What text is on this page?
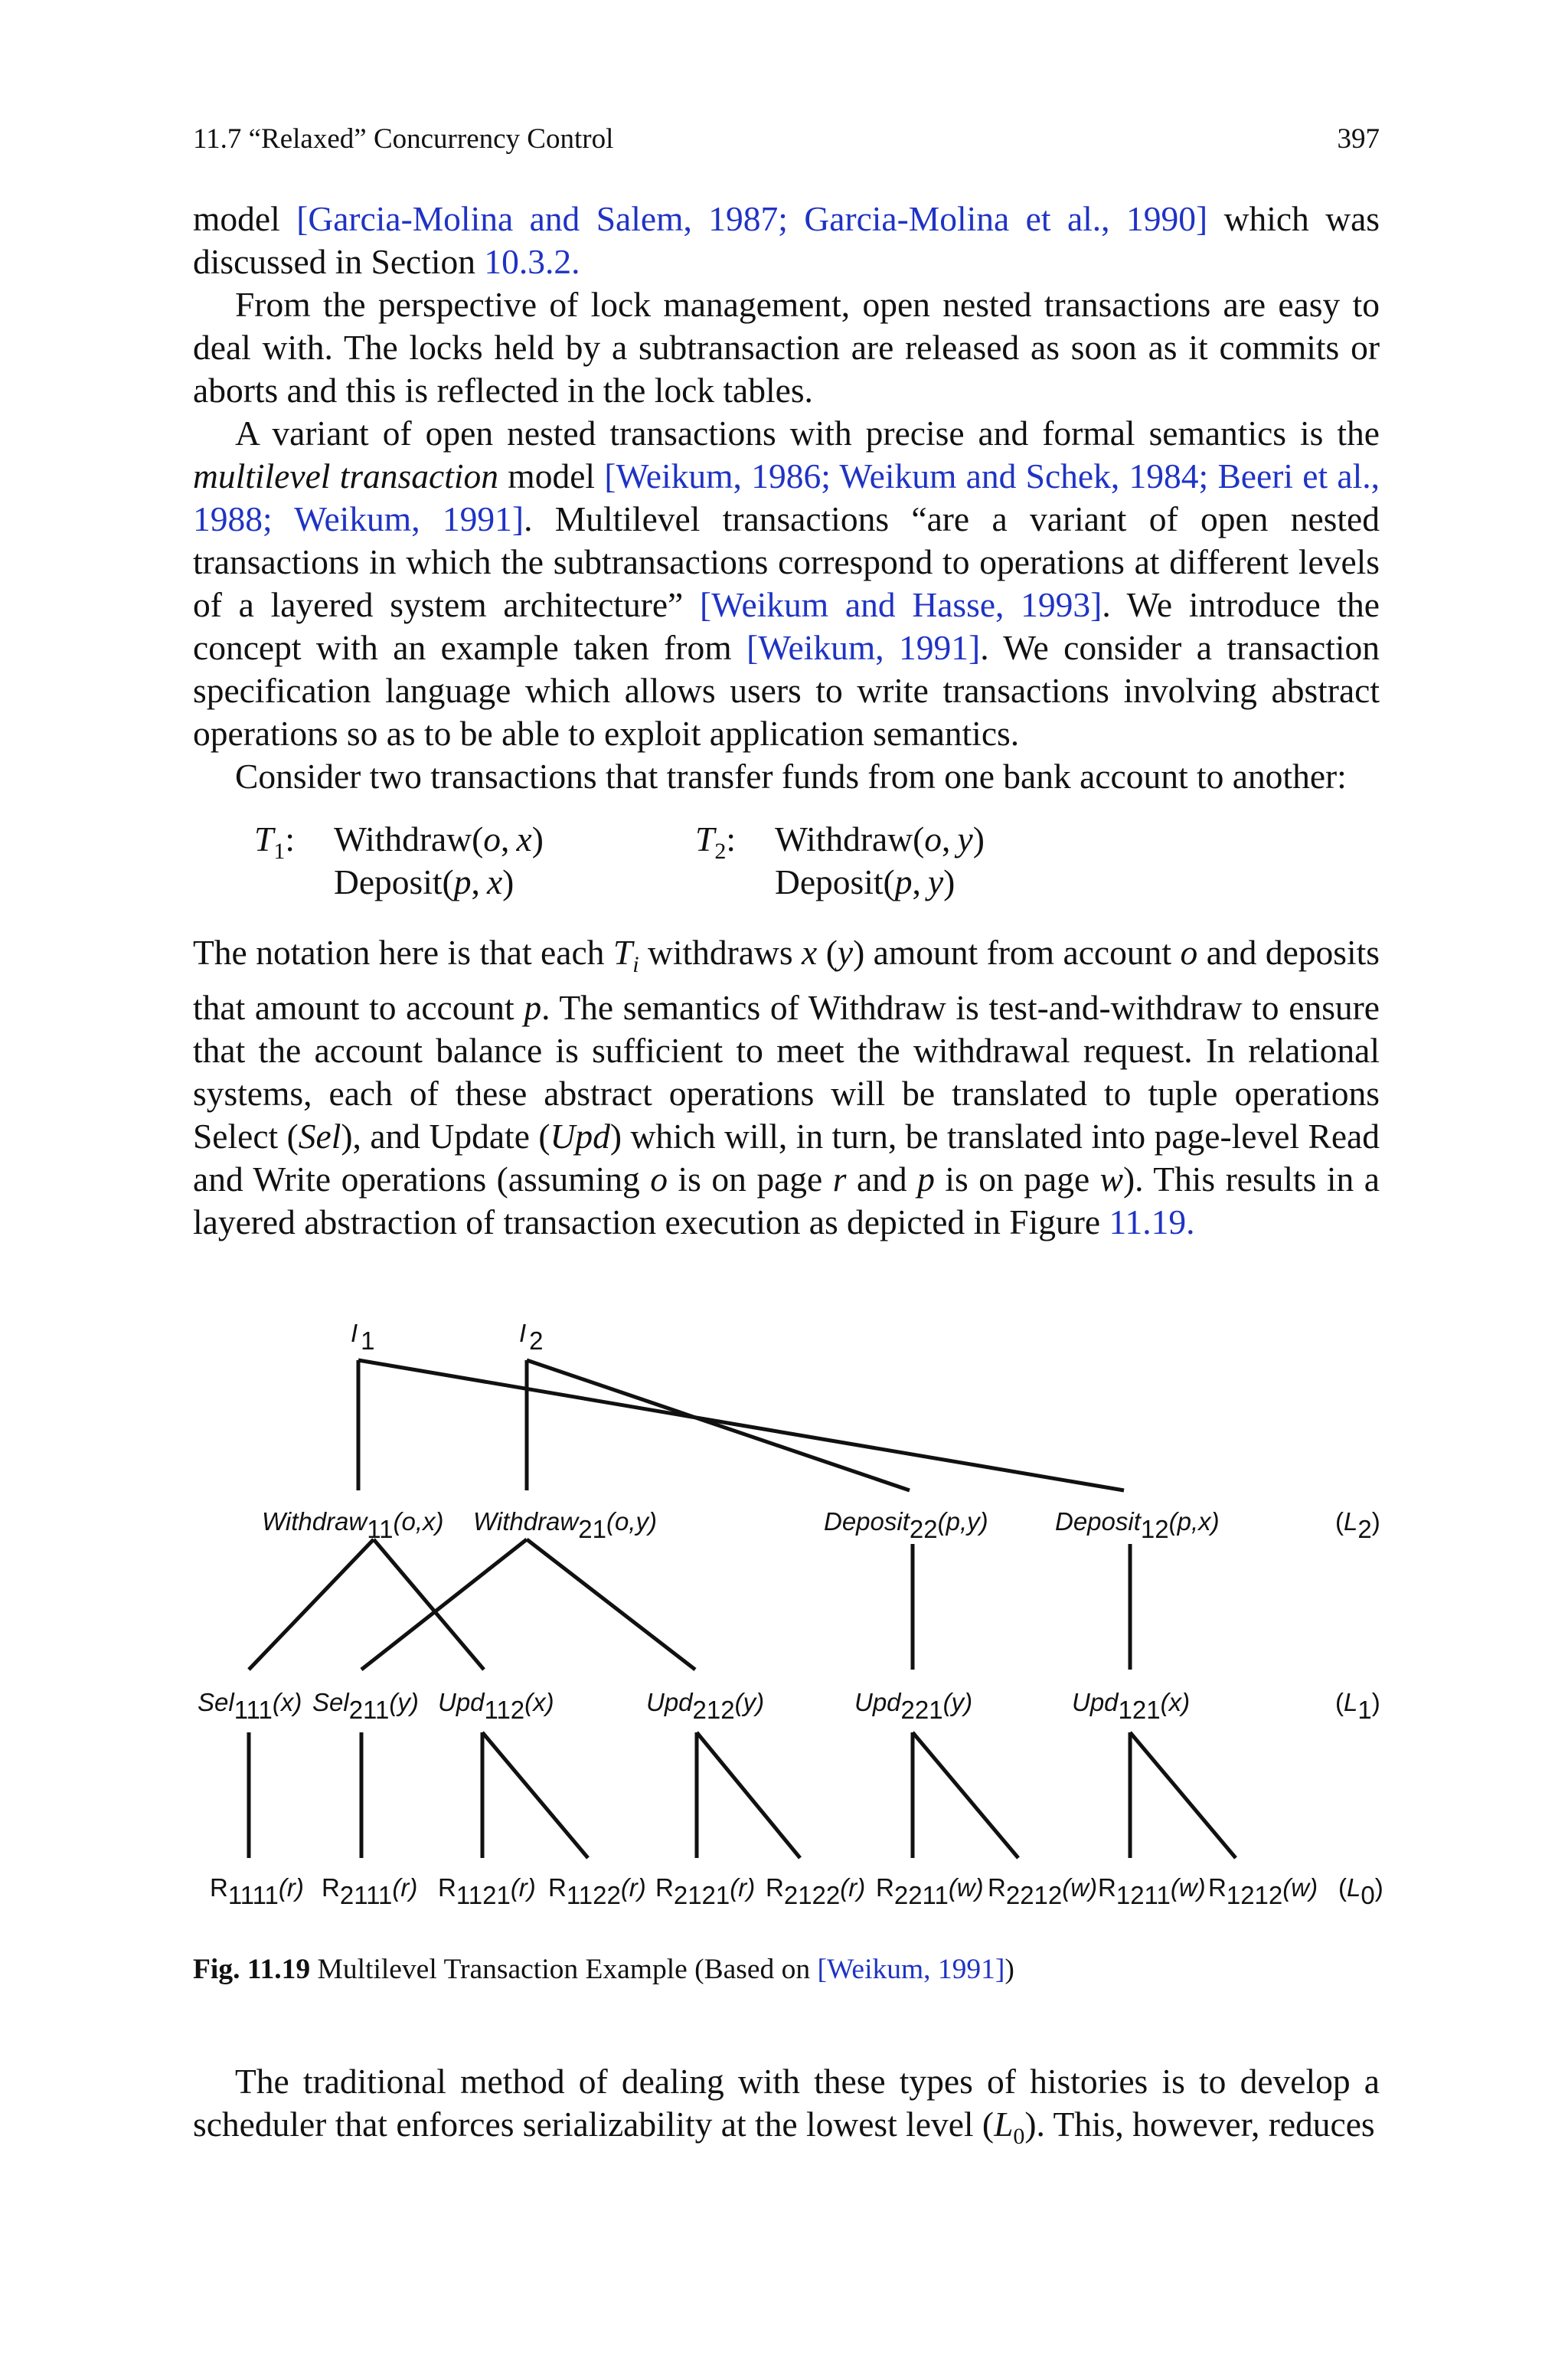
11.7 “Relaxed” Concurrency Control	397

model [Garcia-Molina and Salem, 1987; Garcia-Molina et al., 1990] which was discussed in Section 10.3.2.

From the perspective of lock management, open nested transactions are easy to deal with. The locks held by a subtransaction are released as soon as it commits or aborts and this is reflected in the lock tables.

A variant of open nested transactions with precise and formal semantics is the multilevel transaction model [Weikum, 1986; Weikum and Schek, 1984; Beeri et al., 1988; Weikum, 1991]. Multilevel transactions “are a variant of open nested transactions in which the subtransactions correspond to operations at different levels of a layered system architecture” [Weikum and Hasse, 1993]. We introduce the concept with an example taken from [Weikum, 1991]. We consider a transaction specification language which allows users to write transactions involving abstract operations so as to be able to exploit application semantics.

Consider two transactions that transfer funds from one bank account to another:

$T_1$: Withdraw(o, x)
Deposit(p, x)
$T_2$: Withdraw(o, y)
Deposit(p, y)

The notation here is that each $T_i$ withdraws x (y) amount from account o and deposits that amount to account p. The semantics of Withdraw is test-and-withdraw to ensure that the account balance is sufficient to meet the withdrawal request. In relational systems, each of these abstract operations will be translated to tuple operations Select (Sel), and Update (Upd) which will, in turn, be translated into page-level Read and Write operations (assuming o is on page r and p is on page w). This results in a layered abstraction of transaction execution as depicted in Figure 11.19.

I 1	I 2
Withdraw11(o,x) Withdraw21(o,y)	Deposit22(p,y)	Deposit12(p,x)
Sel111(x) Sel211(y) Upd112(x)	Upd212(y)	Upd221(y)	Upd121(x)
R1111(r) R2111(r) R1121(r) R1122(r) R2121(r) R2122(r) R2211(w) R2212(w) R1211(w) R1212(w)
(L2)
(L1)
(L0)
Fig. 11.19 Multilevel Transaction Example (Based on [Weikum, 1991])

The traditional method of dealing with these types of histories is to develop a scheduler that enforces serializability at the lowest level $(L_0)$. This, however, reduces
